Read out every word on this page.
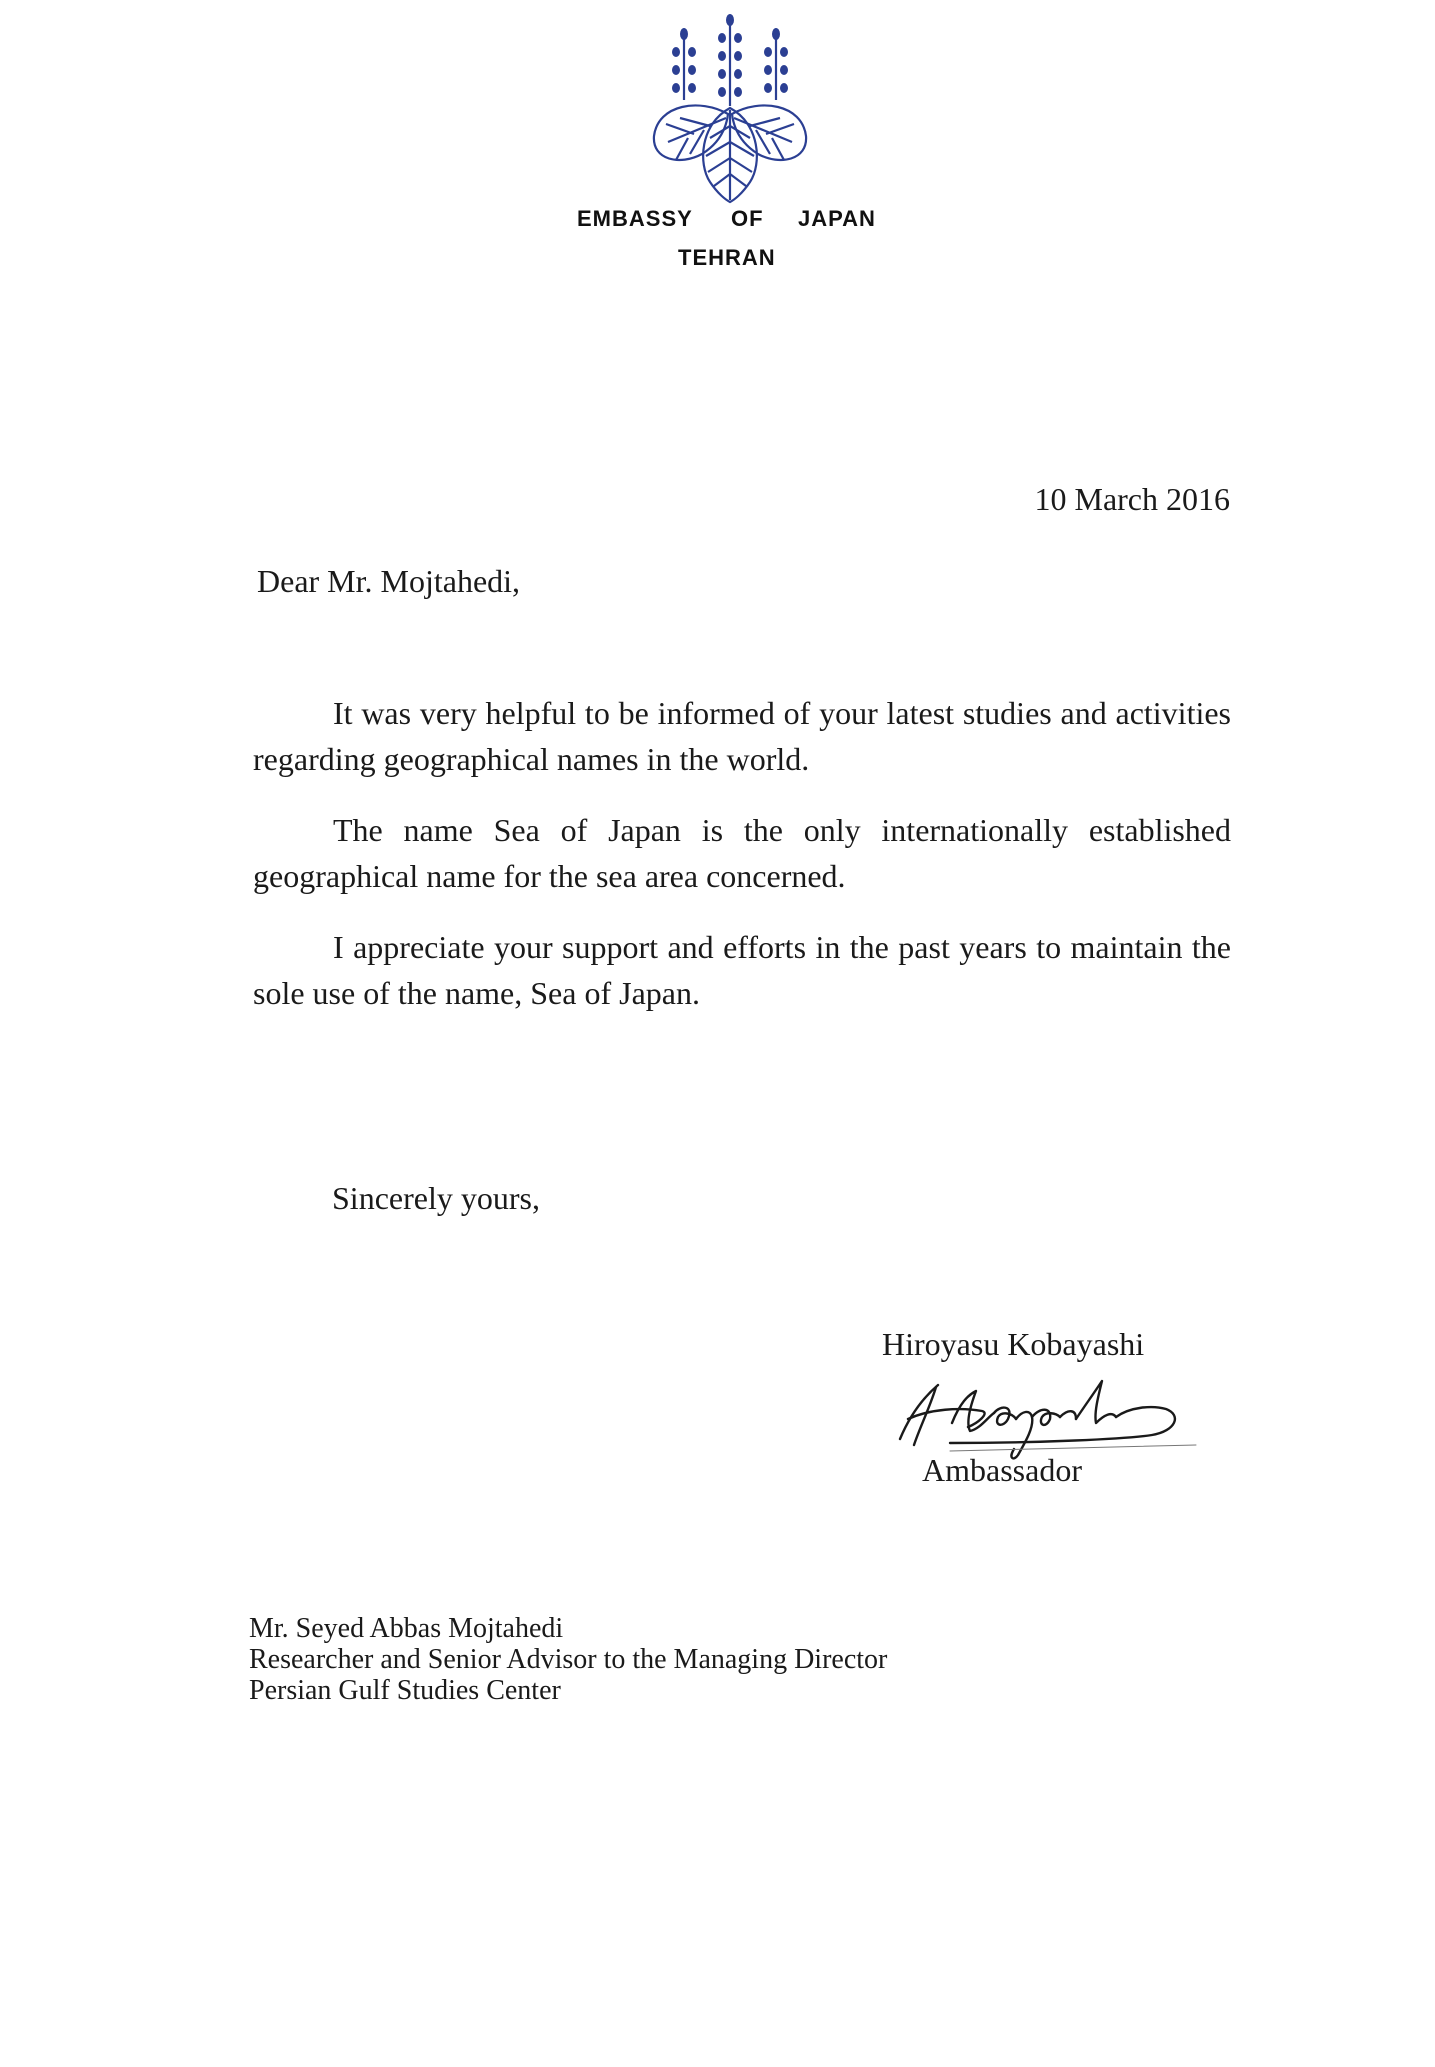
EMBASSY OF JAPAN
TEHRAN
10 March 2016
Dear Mr. Mojtahedi,

It was very helpful to be informed of your latest studies and activities regarding geographical names in the world.

The name Sea of Japan is the only internationally established geographical name for the sea area concerned.

I appreciate your support and efforts in the past years to maintain the sole use of the name, Sea of Japan.

Sincerely yours,
Hiroyasu Kobayashi
Ambassador
Mr. Seyed Abbas Mojtahedi
Researcher and Senior Advisor to the Managing Director
Persian Gulf Studies Center
